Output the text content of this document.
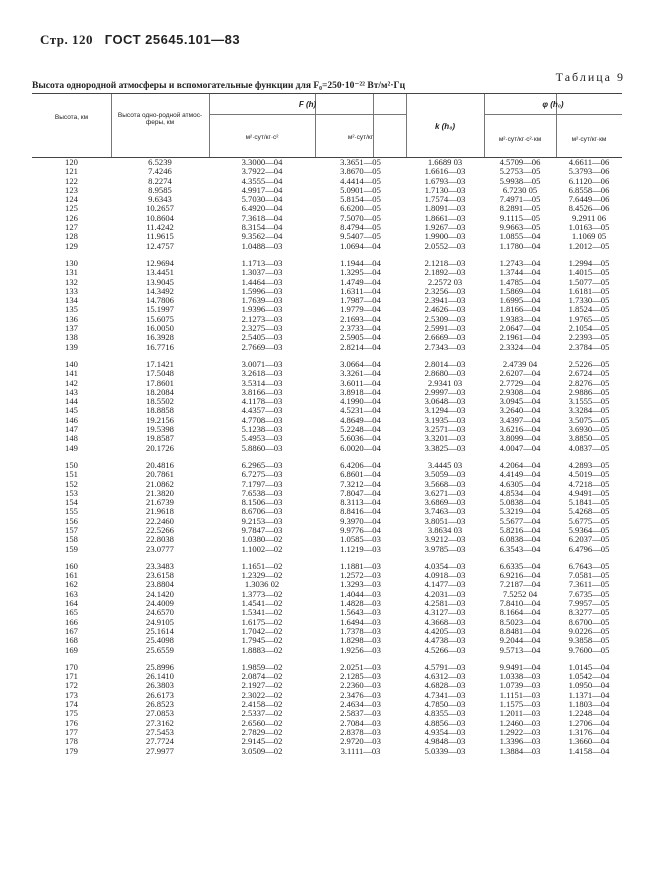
Стр. 120 ГОСТ 25645.101—83
Таблица 9
Высота однородной атмосферы и вспомогательные функции для F₀=250·10⁻²² Вт/м²·Гц
Высота, км	Высота одно-родной атмос-феры, км
F (h)
м²·сут/кг·с²	м²·сут/кг
k (h₀)
φ (h₀)
м²·сут/кг·с²·км	м²·сут/кг·км
120	6.5239	3.3000—04	3.3651—05	1.6689 03	4.5709—06	4.6611—06
121	7.4246	3.7922—04	3.8670—05	1.6616—03	5.2753—05	5.3793—06
122	8.2274	4.3555—04	4.4414—05	1.6793—03	5.9938—05	6.1120—06
123	8.9585	4.9917—04	5.0901—05	1.7130—03	6.7230 05	6.8558—06
124	9.6343	5.7030—04	5.8154—05	1.7574—03	7.4971—05	7.6449—06
125	10.2657	6.4920—04	6.6200—05	1.8091—03	8.2891—05	8.4526—06
126	10.8604	7.3618—04	7.5070—05	1.8661—03	9.1115—05	9.2911 06
127	11.4242	8.3154—04	8.4794—05	1.9267—03	9.9663—05	1.0163—05
128	11.9615	9.3562—04	9.5407—05	1.9900—03	1.0855—04	1.1069 05
129	12.4757	1.0488—03	1.0694—04	2.0552—03	1.1780—04	1.2012—05
130	12.9694	1.1713—03	1.1944—04	2.1218—03	1.2743—04	1.2994—05
131	13.4451	1.3037—03	1.3295—04	2.1892—03	1.3744—04	1.4015—05
132	13.9045	1.4464—03	1.4749—04	2.2572 03	1.4785—04	1.5077—05
133	14.3492	1.5996—03	1.6311—04	2.3256—03	1.5869—04	1.6181—05
134	14.7806	1.7639—03	1.7987—04	2.3941—03	1.6995—04	1.7330—05
135	15.1997	1.9396—03	1.9779—04	2.4626—03	1.8166—04	1.8524—05
136	15.6075	2.1273—03	2.1693—04	2.5309—03	1.9383—04	1.9765—05
137	16.0050	2.3275—03	2.3733—04	2.5991—03	2.0647—04	2.1054—05
138	16.3928	2.5405—03	2.5905—04	2.6669—03	2.1961—04	2.2393—05
139	16.7716	2.7669—03	2.8214—04	2.7343—03	2.3324—04	2.3784—05
140	17.1421	3.0071—03	3.0664—04	2.8014—03	2.4739 04	2.5226—05
141	17.5048	3.2618—03	3.3261—04	2.8680—03	2.6207—04	2.6724—05
142	17.8601	3.5314—03	3.6011—04	2.9341 03	2.7729—04	2.8276—05
143	18.2084	3.8166—03	3.8918—04	2.9997—03	2.9308—04	2.9886—05
144	18.5502	4.1178—03	4.1990—04	3.0648—03	3.0945—04	3.1555—05
145	18.8858	4.4357—03	4.5231—04	3.1294—03	3.2640—04	3.3284—05
146	19.2156	4.7708—03	4.8649—04	3.1935—03	3.4397—04	3.5075—05
147	19.5398	5.1238—03	5.2248—04	3.2571—03	3.6216—04	3.6930—05
148	19.8587	5.4953—03	5.6036—04	3.3201—03	3.8099—04	3.8850—05
149	20.1726	5.8860—03	6.0020—04	3.3825—03	4.0047—04	4.0837—05
150	20.4816	6.2965—03	6.4206—04	3.4445 03	4.2064—04	4.2893—05
151	20.7861	6.7275—03	6.8601—04	3.5059—03	4.4149—04	4.5019—05
152	21.0862	7.1797—03	7.3212—04	3.5668—03	4.6305—04	4.7218—05
153	21.3820	7.6538—03	7.8047—04	3.6271—03	4.8534—04	4.9491—05
154	21.6739	8.1506—03	8.3113—04	3.6869—03	5.0838—04	5.1841—05
155	21.9618	8.6706—03	8.8416—04	3.7463—03	5.3219—04	5.4268—05
156	22.2460	9.2153—03	9.3970—04	3.8051—03	5.5677—04	5.6775—05
157	22.5266	9.7847—03	9.9776—04	3.8634 03	5.8216—04	5.9364—05
158	22.8038	1.0380—02	1.0585—03	3.9212—03	6.0838—04	6.2037—05
159	23.0777	1.1002—02	1.1219—03	3.9785—03	6.3543—04	6.4796—05
160	23.3483	1.1651—02	1.1881—03	4.0354—03	6.6335—04	6.7643—05
161	23.6158	1.2329—02	1.2572—03	4.0918—03	6.9216—04	7.0581—05
162	23.8804	1.3036 02	1.3293—03	4.1477—03	7.2187—04	7.3611—05
163	24.1420	1.3773—02	1.4044—03	4.2031—03	7.5252 04	7.6735—05
164	24.4009	1.4541—02	1.4828—03	4.2581—03	7.8410—04	7.9957—05
165	24.6570	1.5341—02	1.5643—03	4.3127—03	8.1664—04	8.3277—05
166	24.9105	1.6175—02	1.6494—03	4.3668—03	8.5023—04	8.6700—05
167	25.1614	1.7042—02	1.7378—03	4.4205—03	8.8481—04	9.0226—05
168	25.4098	1.7945—02	1.8298—03	4.4738—03	9.2044—04	9.3858—05
169	25.6559	1.8883—02	1.9256—03	4.5266—03	9.5713—04	9.7600—05
170	25.8996	1.9859—02	2.0251—03	4.5791—03	9.9491—04	1.0145—04
171	26.1410	2.0874—02	2.1285—03	4.6312—03	1.0338—03	1.0542—04
172	26.3803	2.1927—02	2.2360—03	4.6828—03	1.0739—03	1.0950—04
173	26.6173	2.3022—02	2.3476—03	4.7341—03	1.1151—03	1.1371—04
174	26.8523	2.4158—02	2.4634—03	4.7850—03	1.1575—03	1.1803—04
175	27.0853	2.5337—02	2.5837—03	4.8355—03	1.2011—03	1.2248—04
176	27.3162	2.6560—02	2.7084—03	4.8856—03	1.2460—03	1.2706—04
177	27.5453	2.7829—02	2.8378—03	4.9354—03	1.2922—03	1.3176—04
178	27.7724	2.9145—02	2.9720—03	4.9848—03	1.3396—03	1.3660—04
179	27.9977	3.0509—02	3.1111—03	5.0339—03	1.3884—03	1.4158—04
